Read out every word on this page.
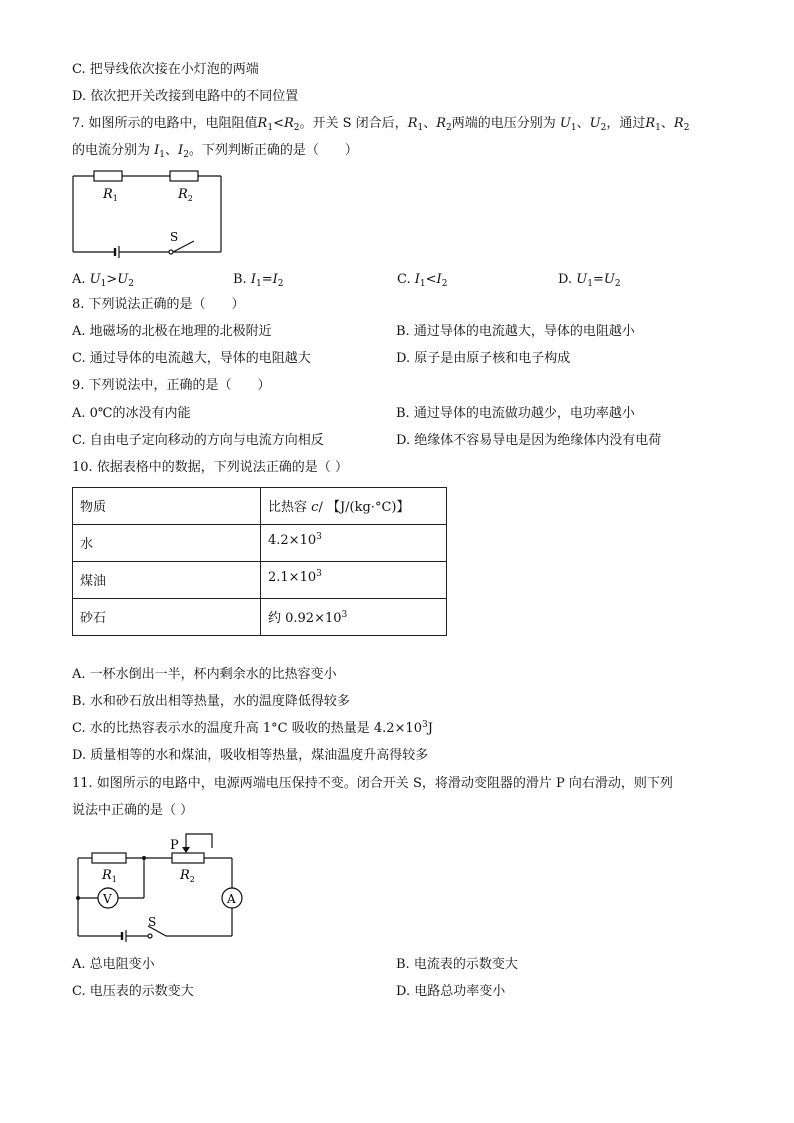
C. 把导线依次接在小灯泡的两端
D. 依次把开关改接到电路中的不同位置
7. 如图所示的电路中，电阻阻值$R_1<R_2$。开关 S 闭合后，$R_1$、$R_2$两端的电压分别为 $U_1$、$U_2$，通过$R_1$、$R_2$
的电流分别为 $I_1$、$I_2$。下列判断正确的是（　　）
$R_1$	$R_2$
S
A. $U_1>U_2$	B. $I_1=I_2$	C. $I_1<I_2$	D. $U_1=U_2$
8. 下列说法正确的是（　　）
A. 地磁场的北极在地理的北极附近	B. 通过导体的电流越大，导体的电阻越小
C. 通过导体的电流越大，导体的电阻越大	D. 原子是由原子核和电子构成
9. 下列说法中，正确的是（　　）
A. 0℃的冰没有内能	B. 通过导体的电流做功越少，电功率越小
C. 自由电子定向移动的方向与电流方向相反	D. 绝缘体不容易导电是因为绝缘体内没有电荷
10. 依据表格中的数据，下列说法正确的是（ ）
物质	比热容 c/ 【J/(kg·°C)】
水	$4.2\times 10^3$
煤油	$2.1\times 10^3$
砂石	约 $0.92\times 10^3$
A. 一杯水倒出一半，杯内剩余水的比热容变小
B. 水和砂石放出相等热量，水的温度降低得较多
C. 水的比热容表示水的温度升高 1°C 吸收的热量是 $4.2\times 10^3J$
D. 质量相等的水和煤油，吸收相等热量，煤油温度升高得较多
11. 如图所示的电路中，电源两端电压保持不变。闭合开关 S，将滑动变阻器的滑片 P 向右滑动，则下列
说法中正确的是（ ）
P
$R_1$	$R_2$
V	A
S
A. 总电阻变小	B. 电流表的示数变大
C. 电压表的示数变大	D. 电路总功率变小
